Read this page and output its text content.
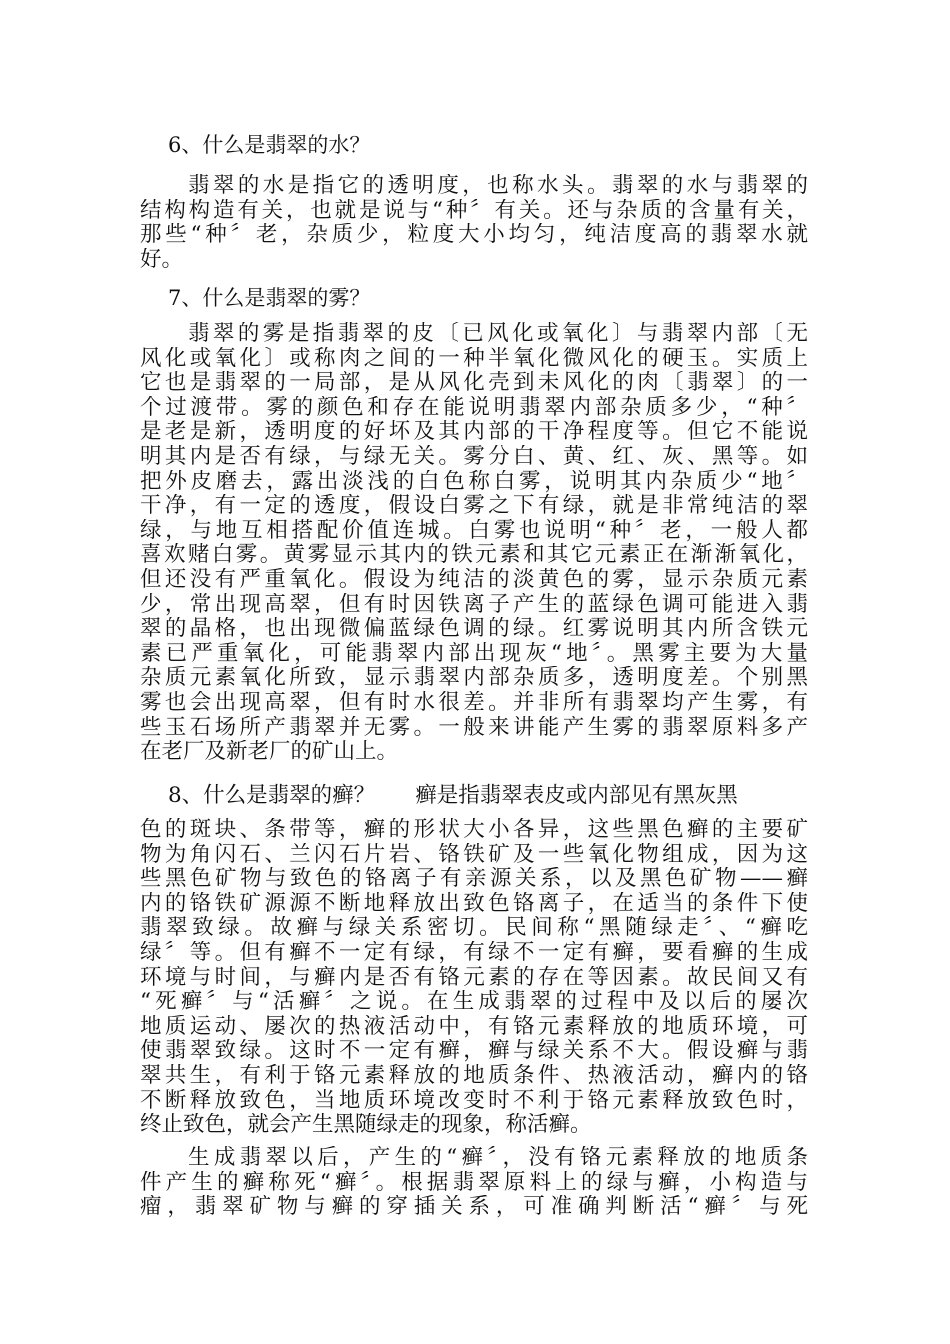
6、什么是翡翠的水？
翡翠的水是指它的透明度，也称水头。翡翠的水与翡翠的
结构构造有关，也就是说与“种〞有关。还与杂质的含量有关，
那些“种〞老，杂质少，粒度大小均匀，纯洁度高的翡翠水就
好。
7、什么是翡翠的雾？
翡翠的雾是指翡翠的皮〔已风化或氧化〕与翡翠内部〔无
风化或氧化〕或称肉之间的一种半氧化微风化的硬玉。实质上
它也是翡翠的一局部，是从风化壳到未风化的肉〔翡翠〕的一
个过渡带。雾的颜色和存在能说明翡翠内部杂质多少，“种〞
是老是新，透明度的好坏及其内部的干净程度等。但它不能说
明其内是否有绿，与绿无关。雾分白、黄、红、灰、黑等。如
把外皮磨去，露出淡浅的白色称白雾，说明其内杂质少“地〞
干净，有一定的透度，假设白雾之下有绿，就是非常纯洁的翠
绿，与地互相搭配价值连城。白雾也说明“种〞老，一般人都
喜欢赌白雾。黄雾显示其内的铁元素和其它元素正在渐渐氧化，
但还没有严重氧化。假设为纯洁的淡黄色的雾，显示杂质元素
少，常出现高翠，但有时因铁离子产生的蓝绿色调可能进入翡
翠的晶格，也出现微偏蓝绿色调的绿。红雾说明其内所含铁元
素已严重氧化，可能翡翠内部出现灰“地〞。黑雾主要为大量
杂质元素氧化所致，显示翡翠内部杂质多，透明度差。个别黑
雾也会出现高翠，但有时水很差。并非所有翡翠均产生雾，有
些玉石场所产翡翠并无雾。一般来讲能产生雾的翡翠原料多产
在老厂及新老厂的矿山上。

8、什么是翡翠的癣？ 癣是指翡翠表皮或内部见有黑灰黑

色的斑块、条带等，癣的形状大小各异，这些黑色癣的主要矿
物为角闪石、兰闪石片岩、铬铁矿及一些氧化物组成，因为这
些黑色矿物与致色的铬离子有亲源关系，以及黑色矿物——癣
内的铬铁矿源源不断地释放出致色铬离子，在适当的条件下使
翡翠致绿。故癣与绿关系密切。民间称“黑随绿走〞、“癣吃
绿〞等。但有癣不一定有绿，有绿不一定有癣，要看癣的生成
环境与时间，与癣内是否有铬元素的存在等因素。故民间又有
“死癣〞与“活癣〞之说。在生成翡翠的过程中及以后的屡次
地质运动、屡次的热液活动中，有铬元素释放的地质环境，可
使翡翠致绿。这时不一定有癣，癣与绿关系不大。假设癣与翡
翠共生，有利于铬元素释放的地质条件、热液活动，癣内的铬
不断释放致色，当地质环境改变时不利于铬元素释放致色时，
终止致色，就会产生黑随绿走的现象，称活癣。
生成翡翠以后，产生的“癣〞，没有铬元素释放的地质条
件产生的癣称死“癣〞。根据翡翠原料上的绿与癣，小构造与
瘤，翡翠矿物与癣的穿插关系，可准确判断活“癣〞与死
